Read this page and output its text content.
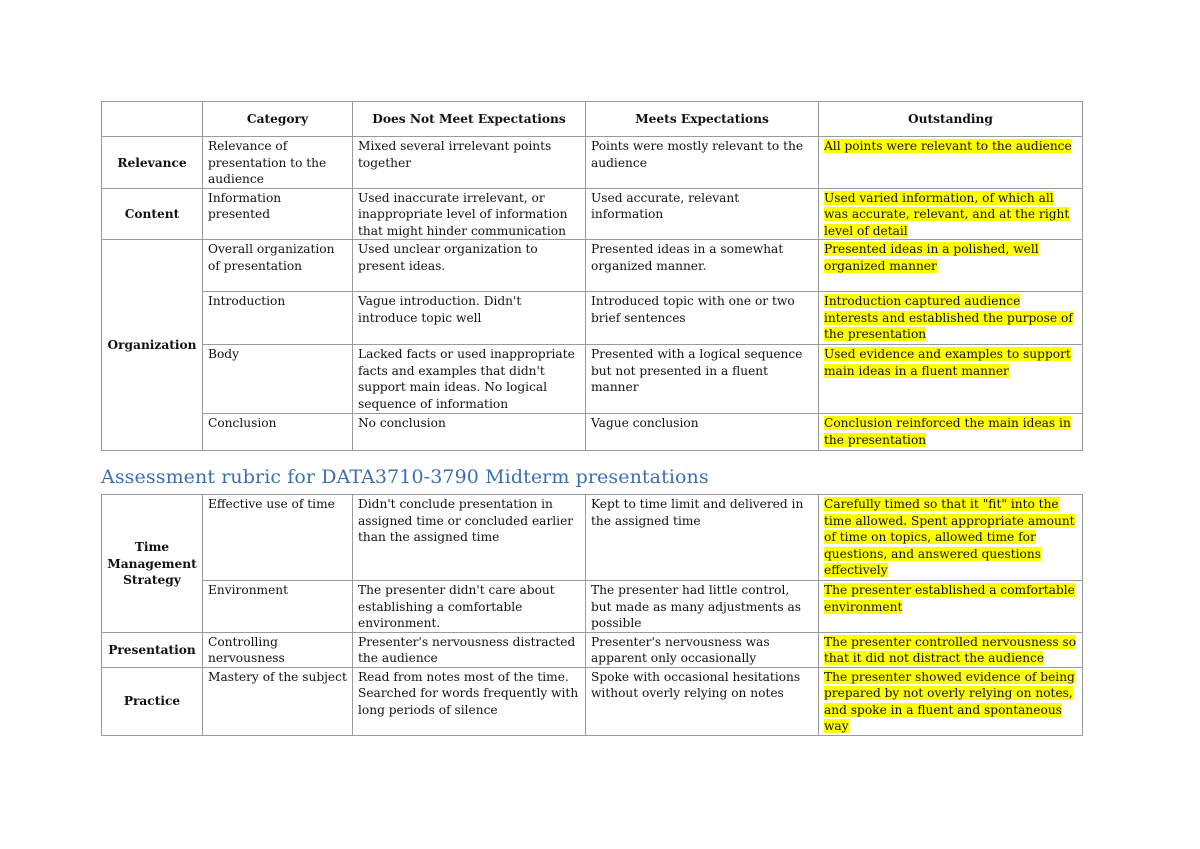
	Category	Does Not Meet Expectations	Meets Expectations	Outstanding
Relevance	Relevance of presentation to the audience	Mixed several irrelevant points together	Points were mostly relevant to the audience	All points were relevant to the audience
Content	Information presented	Used inaccurate irrelevant, or inappropriate level of information that might hinder communication	Used accurate, relevant information	Used varied information, of which all was accurate, relevant, and at the right level of detail
Organization	Overall organization of presentation	Used unclear organization to present ideas.	Presented ideas in a somewhat organized manner.	Presented ideas in a polished, well organized manner
	Introduction	Vague introduction. Didn't introduce topic well	Introduced topic with one or two brief sentences	Introduction captured audience interests and established the purpose of the presentation
	Body	Lacked facts or used inappropriate facts and examples that didn't support main ideas. No logical sequence of information	Presented with a logical sequence but not presented in a fluent manner	Used evidence and examples to support main ideas in a fluent manner
	Conclusion	No conclusion	Vague conclusion	Conclusion reinforced the main ideas in the presentation
Assessment rubric for DATA3710-3790 Midterm presentations
Time Management Strategy	Effective use of time	Didn't conclude presentation in assigned time or concluded earlier than the assigned time	Kept to time limit and delivered in the assigned time	Carefully timed so that it "fit" into the time allowed. Spent appropriate amount of time on topics, allowed time for questions, and answered questions effectively
	Environment	The presenter didn't care about establishing a comfortable environment.	The presenter had little control, but made as many adjustments as possible	The presenter established a comfortable environment
Presentation	Controlling nervousness	Presenter's nervousness distracted the audience	Presenter's nervousness was apparent only occasionally	The presenter controlled nervousness so that it did not distract the audience
Practice	Mastery of the subject	Read from notes most of the time. Searched for words frequently with long periods of silence	Spoke with occasional hesitations without overly relying on notes	The presenter showed evidence of being prepared by not overly relying on notes, and spoke in a fluent and spontaneous way
